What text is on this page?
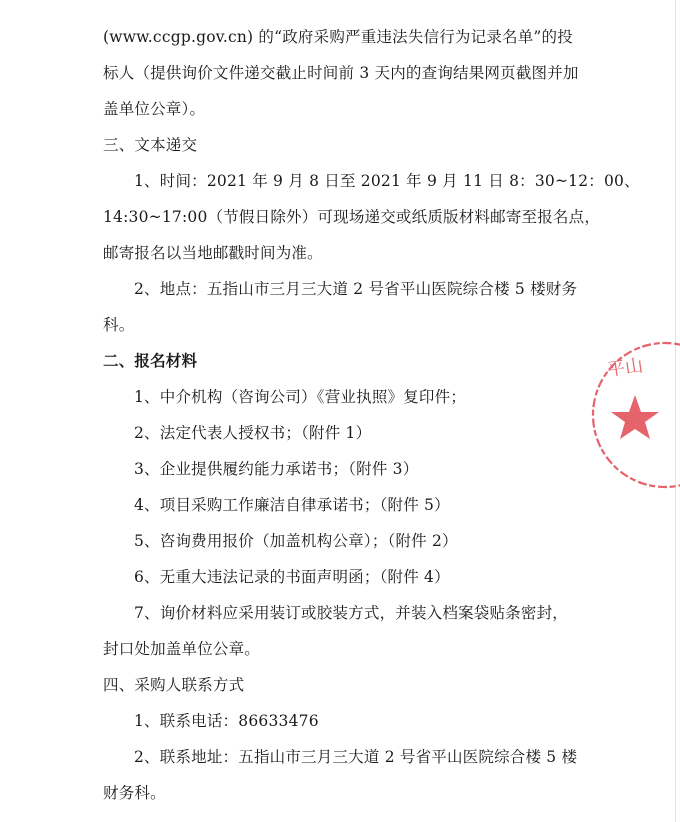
(www.ccgp.gov.cn) 的“政府采购严重违法失信行为记录名单”的投
标人（提供询价文件递交截止时间前 3 天内的查询结果网页截图并加
盖单位公章）。
三、文本递交
1、时间：2021 年 9 月 8 日至 2021 年 9 月 11 日 8：30~12：00、
14:30~17:00（节假日除外）可现场递交或纸质版材料邮寄至报名点，
邮寄报名以当地邮戳时间为准。
2、地点：五指山市三月三大道 2 号省平山医院综合楼 5 楼财务
科。
二、报名材料
1、中介机构（咨询公司）《营业执照》复印件；
2、法定代表人授权书；（附件 1）
3、企业提供履约能力承诺书；（附件 3）
4、项目采购工作廉洁自律承诺书；（附件 5）
5、咨询费用报价（加盖机构公章）；（附件 2）
6、无重大违法记录的书面声明函；（附件 4）
7、询价材料应采用装订或胶装方式，并装入档案袋贴条密封，
封口处加盖单位公章。
四、采购人联系方式
1、联系电话：86633476
2、联系地址：五指山市三月三大道 2 号省平山医院综合楼 5 楼
财务科。
平山
